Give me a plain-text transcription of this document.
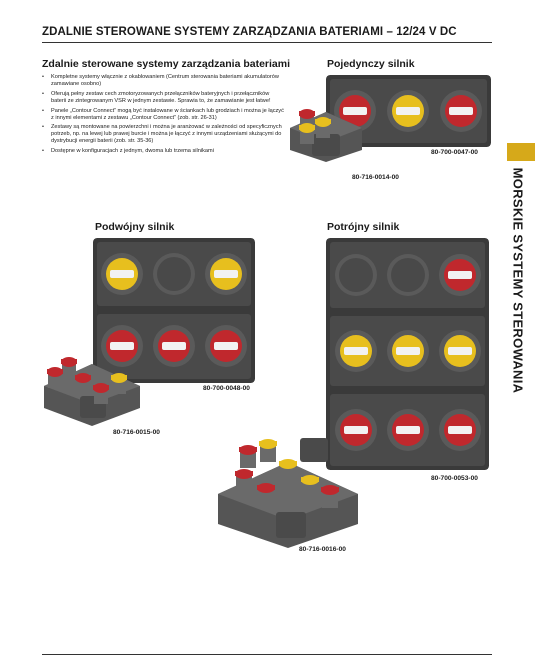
ZDALNIE STEROWANE SYSTEMY ZARZĄDZANIA BATERIAMI – 12/24 V DC
Zdalnie sterowane systemy zarządzania bateriami
• Kompletne systemy włącznie z okablowaniem (Centrum sterowania bateriami akumulatorów zamawiane osobno)
• Oferują pełny zestaw cech zmotoryzowanych przełączników bateryjnych i przełączników baterii ze zintegrowanym VSR w jednym zestawie. Sprawia to, że zamawianie jest łatwe!
• Panele „Contour Connect” mogą być instalowane w ściankach lub grodziach i można je łączyć z innymi elementami z zestawu „Contour Connect” (zob. str. 26-31)
• Zestawy są montowane na powierzchni i można je aranżować w zależności od specyficznych potrzeb, np. na lewej lub prawej burcie i można je łączyć z innymi urządzeniami służącymi do dystrybucji energii baterii (zob. str. 35-36)
• Dostępne w konfiguracjach z jednym, dwoma lub trzema silnikami
Pojedynczy silnik
Podwójny silnik	Potrójny silnik
80-700-0047-00
80-716-0014-00
80-700-0048-00
80-716-0015-00
80-700-0053-00
80-716-0016-00
MORSKIE SYSTEMY STEROWANIA
